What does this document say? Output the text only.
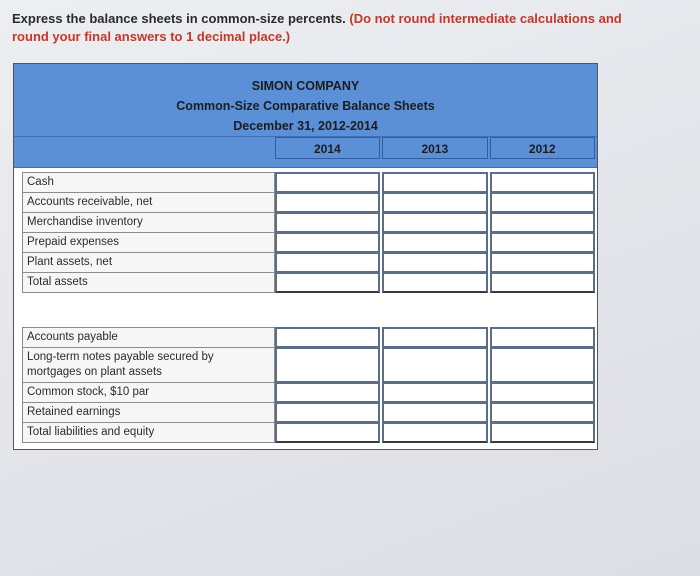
Express the balance sheets in common-size percents. (Do not round intermediate calculations and round your final answers to 1 decimal place.)
SIMON COMPANY
Common-Size Comparative Balance Sheets
December 31, 2012-2014
2014	2013	2012
Cash
Accounts receivable, net
Merchandise inventory
Prepaid expenses
Plant assets, net
Total assets
Accounts payable
Long-term notes payable secured by mortgages on plant assets
Common stock, $10 par
Retained earnings
Total liabilities and equity
